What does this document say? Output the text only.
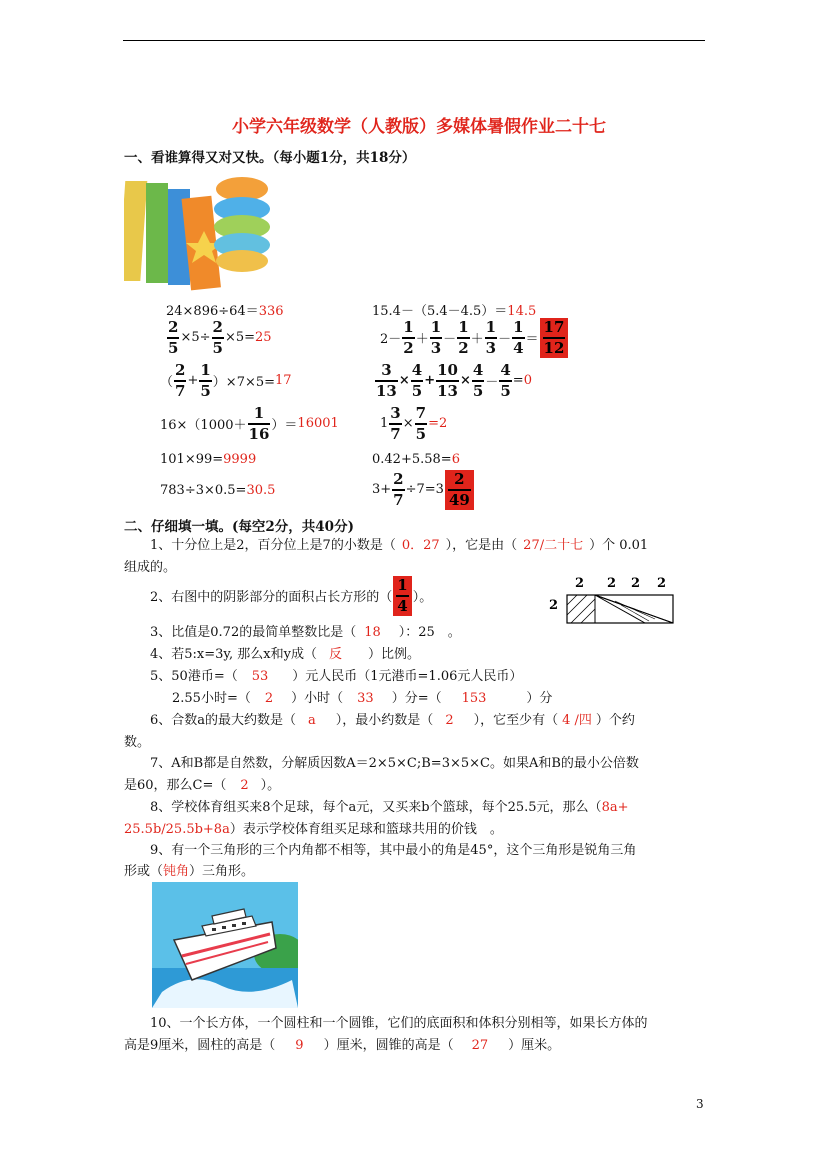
小学六年级数学（人教版）多媒体暑假作业二十七
一、看谁算得又对又快。（每小题1分，共18分）
24×896÷64＝336	15.4－（5.4－4.5）＝14.5
$\frac{2}{5} \times 5\div \frac{2}{5} \times 5= 25$	$2- \frac{1}{2} + \frac{1}{3} - \frac{1}{2} + \frac{1}{3} - \frac{1}{4} = \frac{17}{12}$
（ $\frac{2}{7} + \frac{1}{5} )\times 7\times 5= 17$	$\frac{3}{13} \times \frac{4}{5} + \frac{10}{13} \times \frac{4}{5} - \frac{4}{5} = 0$
$16\times(1000+ \frac{1}{16}$ ）＝ 16001	$1 \frac{3}{7} \times \frac{7}{5} =2$
101×99=9999	0.42+5.58=6
783÷3×0.5=30.5	$3+ \frac{2}{7} \div 7=3 \frac{2}{49}$
二、仔细填一填。(每空2分，共40分)
1、十分位上是2，百分位上是7的小数是（ 0．27 ），它是由（ 27/二十七 ）个 0.01
组成的。
2、右图中的阴影部分的面积占长方形的（ $\frac{1}{4}$ ）。
2 2 2 2
2
3、比值是0.72的最简单整数比是（ 18 ）：25　。
4、若5:x=3y, 那么x和y成（ 反 ）比例。
5、50港币=（ 53 ）元人民币（1元港币=1.06元人民币）
2.55小时=（ 2 ）小时（ 33 ）分=（ 153	）分
6、合数a的最大约数是（ a ），最小约数是（ 2 ），它至少有（ 4 /四 ）个约
数。
7、A和B都是自然数，分解质因数A＝2×5×C;B=3×5×C。如果A和B的最小公倍数
是60，那么C=（ 2 ）。
8、学校体育组买来8个足球，每个a元，又买来b个篮球，每个25.5元，那么（8a+
25.5b/25.5b+8a）表示学校体育组买足球和篮球共用的价钱　。
9、有一个三角形的三个内角都不相等，其中最小的角是45°，这个三角形是锐角三角
形或（钝角）三角形。
10、一个长方体，一个圆柱和一个圆锥，它们的底面积和体积分别相等，如果长方体的
高是9厘米，圆柱的高是（ 9 ）厘米，圆锥的高是（ 27 ）厘米。
3
